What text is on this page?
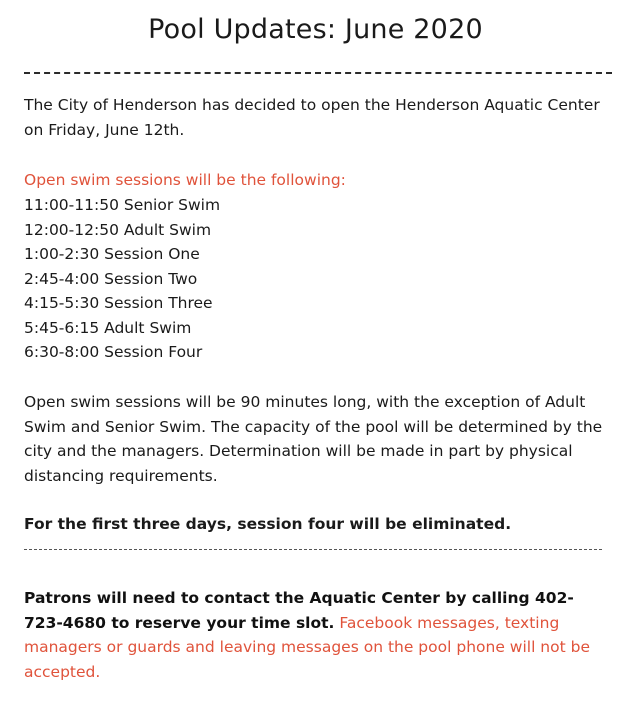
Pool Updates: June 2020
The City of Henderson has decided to open the Henderson Aquatic Center on Friday, June 12th.
Open swim sessions will be the following:
11:00-11:50 Senior Swim
12:00-12:50 Adult Swim
1:00-2:30 Session One
2:45-4:00 Session Two
4:15-5:30 Session Three
5:45-6:15 Adult Swim
6:30-8:00 Session Four
Open swim sessions will be 90 minutes long, with the exception of Adult Swim and Senior Swim. The capacity of the pool will be determined by the city and the managers. Determination will be made in part by physical distancing requirements.
For the first three days, session four will be eliminated.
Patrons will need to contact the Aquatic Center by calling 402-723-4680 to reserve your time slot. Facebook messages, texting managers or guards and leaving messages on the pool phone will not be accepted.
